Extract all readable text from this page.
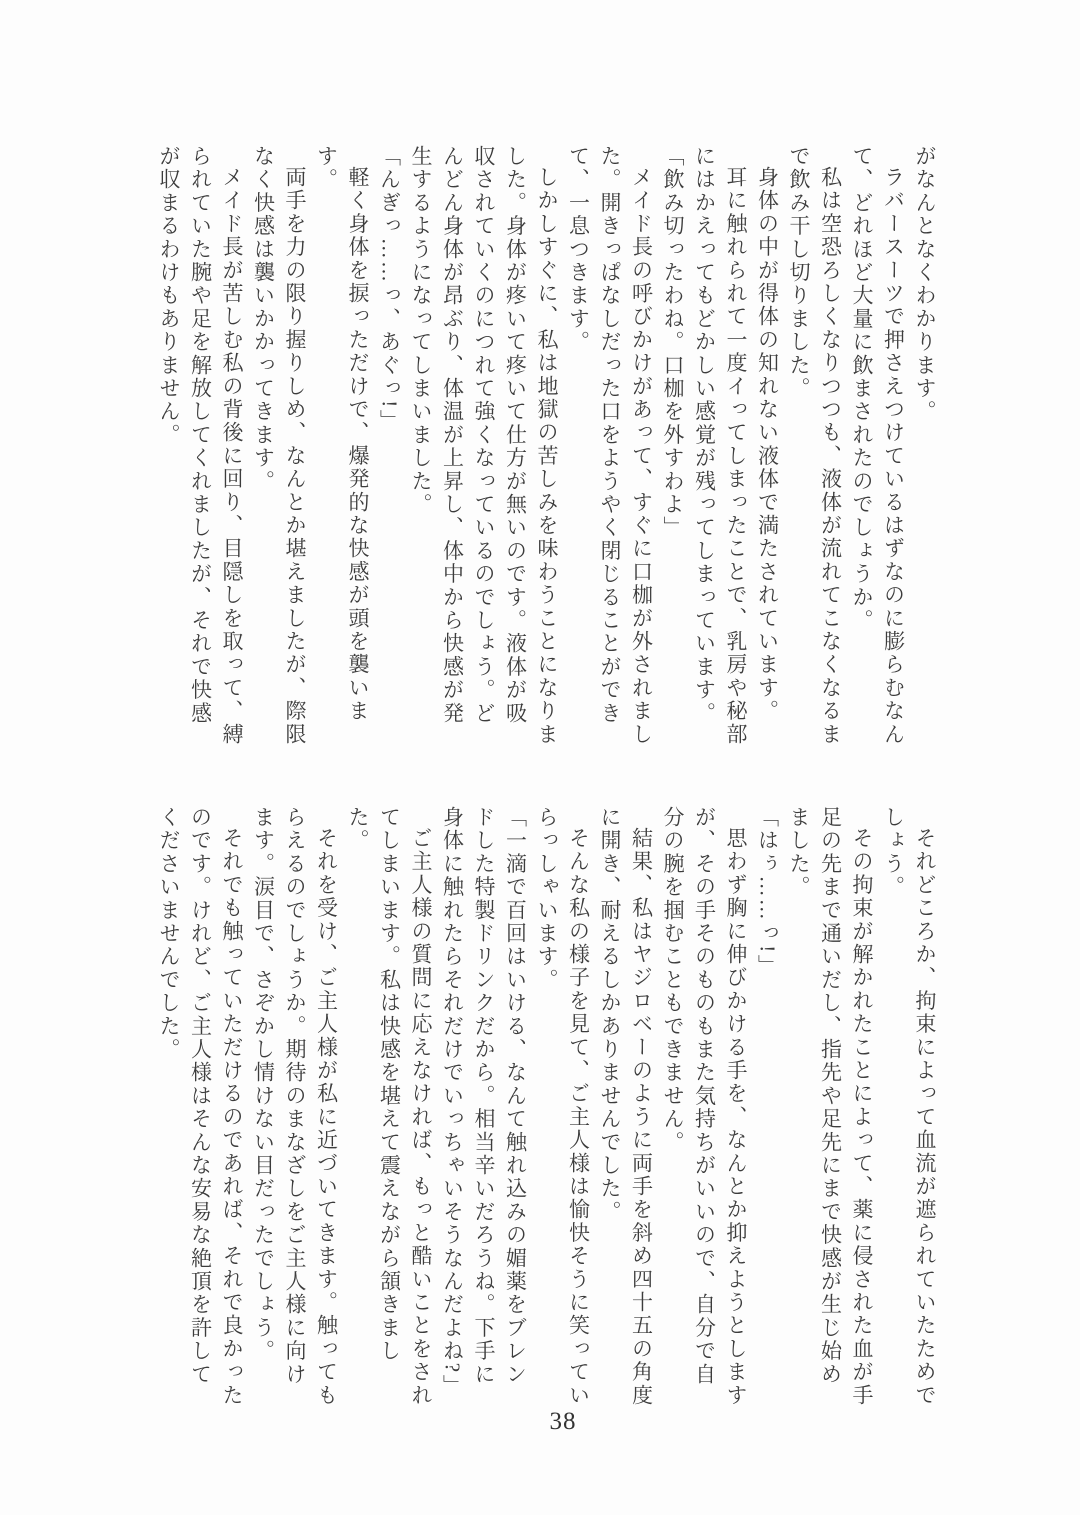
がなんとなくわかります。

ラバースーツで押さえつけているはずなのに膨らむなんて、どれほど大量に飲まされたのでしょうか。

私は空恐ろしくなりつつも、液体が流れてこなくなるまで飲み干し切りました。

身体の中が得体の知れない液体で満たされています。

耳に触れられて一度イってしまったことで、乳房や秘部にはかえってもどかしい感覚が残ってしまっています。

「飲み切ったわね。口枷を外すわよ」

メイド長の呼びかけがあって、すぐに口枷が外されました。開きっぱなしだった口をようやく閉じることができて、一息つきます。

しかしすぐに、私は地獄の苦しみを味わうことになりました。身体が疼いて疼いて仕方が無いのです。液体が吸収されていくのにつれて強くなっているのでしょう。どんどん身体が昂ぶり、体温が上昇し、体中から快感が発生するようになってしまいました。

「んぎっ……っ、あぐっ!」

軽く身体を捩っただけで、爆発的な快感が頭を襲います。

両手を力の限り握りしめ、なんとか堪えましたが、際限なく快感は襲いかかってきます。

メイド長が苦しむ私の背後に回り、目隠しを取って、縛られていた腕や足を解放してくれましたが、それで快感が収まるわけもありません。

それどころか、拘束によって血流が遮られていたためでしょう。

その拘束が解かれたことによって、薬に侵された血が手足の先まで通いだし、指先や足先にまで快感が生じ始めました。

「はぅ……っ!」

思わず胸に伸びかける手を、なんとか抑えようとしますが、その手そのものもまた気持ちがいいので、自分で自分の腕を掴むこともできません。

結果、私はヤジロベーのように両手を斜め四十五の角度に開き、耐えるしかありませんでした。

そんな私の様子を見て、ご主人様は愉快そうに笑っていらっしゃいます。

「一滴で百回はいける、なんて触れ込みの媚薬をブレンドした特製ドリンクだから。相当辛いだろうね。下手に身体に触れたらそれだけでいっちゃいそうなんだよね?」

ご主人様の質問に応えなければ、もっと酷いことをされてしまいます。私は快感を堪えて震えながら頷きました。

それを受け、ご主人様が私に近づいてきます。触ってもらえるのでしょうか。期待のまなざしをご主人様に向けます。涙目で、さぞかし情けない目だったでしょう。

それでも触っていただけるのであれば、それで良かったのです。けれど、ご主人様はそんな安易な絶頂を許してくださいませんでした。

38
